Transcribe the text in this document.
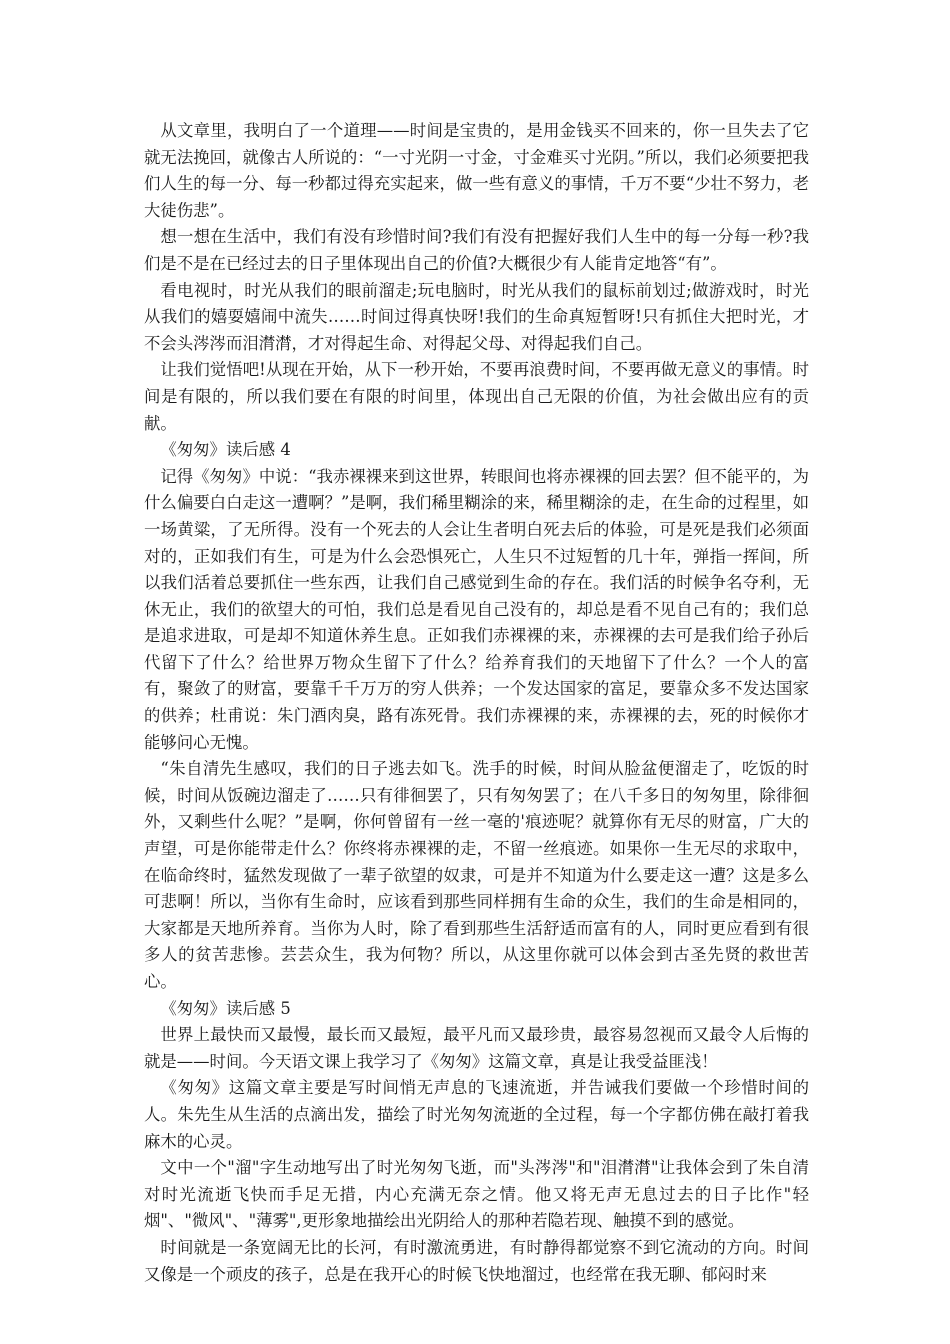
从文章里，我明白了一个道理——时间是宝贵的，是用金钱买不回来的，你一旦失去了它就无法挽回，就像古人所说的：“一寸光阴一寸金，寸金难买寸光阴。”所以，我们必须要把我们人生的每一分、每一秒都过得充实起来，做一些有意义的事情，千万不要“少壮不努力，老大徒伤悲”。

想一想在生活中，我们有没有珍惜时间?我们有没有把握好我们人生中的每一分每一秒?我们是不是在已经过去的日子里体现出自己的价值?大概很少有人能肯定地答“有”。

看电视时，时光从我们的眼前溜走;玩电脑时，时光从我们的鼠标前划过;做游戏时，时光从我们的嬉耍嬉闹中流失……时间过得真快呀!我们的生命真短暂呀!只有抓住大把时光，才不会头涔涔而泪潸潸，才对得起生命、对得起父母、对得起我们自己。

让我们觉悟吧!从现在开始，从下一秒开始，不要再浪费时间，不要再做无意义的事情。时间是有限的，所以我们要在有限的时间里，体现出自己无限的价值，为社会做出应有的贡献。

《匆匆》读后感 4

记得《匆匆》中说：“我赤裸裸来到这世界，转眼间也将赤裸裸的回去罢？但不能平的，为什么偏要白白走这一遭啊？”是啊，我们稀里糊涂的来，稀里糊涂的走，在生命的过程里，如一场黄粱，了无所得。没有一个死去的人会让生者明白死去后的体验，可是死是我们必须面对的，正如我们有生，可是为什么会恐惧死亡，人生只不过短暂的几十年，弹指一挥间，所以我们活着总要抓住一些东西，让我们自己感觉到生命的存在。我们活的时候争名夺利，无休无止，我们的欲望大的可怕，我们总是看见自己没有的，却总是看不见自己有的；我们总是追求进取，可是却不知道休养生息。正如我们赤裸裸的来，赤裸裸的去可是我们给子孙后代留下了什么？给世界万物众生留下了什么？给养育我们的天地留下了什么？一个人的富有，聚敛了的财富，要靠千千万万的穷人供养；一个发达国家的富足，要靠众多不发达国家的供养；杜甫说：朱门酒肉臭，路有冻死骨。我们赤裸裸的来，赤裸裸的去，死的时候你才能够问心无愧。

“朱自清先生感叹，我们的日子逃去如飞。洗手的时候，时间从脸盆便溜走了，吃饭的时候，时间从饭碗边溜走了……只有徘徊罢了，只有匆匆罢了；在八千多日的匆匆里，除徘徊外，又剩些什么呢？”是啊，你何曾留有一丝一毫的'痕迹呢？就算你有无尽的财富，广大的声望，可是你能带走什么？你终将赤裸裸的走，不留一丝痕迹。如果你一生无尽的求取中，在临命终时，猛然发现做了一辈子欲望的奴隶，可是并不知道为什么要走这一遭？这是多么可悲啊！所以，当你有生命时，应该看到那些同样拥有生命的众生，我们的生命是相同的，大家都是天地所养育。当你为人时，除了看到那些生活舒适而富有的人，同时更应看到有很多人的贫苦悲惨。芸芸众生，我为何物？所以，从这里你就可以体会到古圣先贤的救世苦心。

《匆匆》读后感 5

世界上最快而又最慢，最长而又最短，最平凡而又最珍贵，最容易忽视而又最令人后悔的就是——时间。今天语文课上我学习了《匆匆》这篇文章，真是让我受益匪浅！

《匆匆》这篇文章主要是写时间悄无声息的飞速流逝，并告诫我们要做一个珍惜时间的人。朱先生从生活的点滴出发，描绘了时光匆匆流逝的全过程，每一个字都仿佛在敲打着我麻木的心灵。

文中一个"溜"字生动地写出了时光匆匆飞逝，而"头涔涔"和"泪潸潸"让我体会到了朱自清对时光流逝飞快而手足无措，内心充满无奈之情。他又将无声无息过去的日子比作"轻烟"、"微风"、"薄雾",更形象地描绘出光阴给人的那种若隐若现、触摸不到的感觉。

时间就是一条宽阔无比的长河，有时激流勇进，有时静得都觉察不到它流动的方向。时间又像是一个顽皮的孩子，总是在我开心的时候飞快地溜过，也经常在我无聊、郁闷时来
